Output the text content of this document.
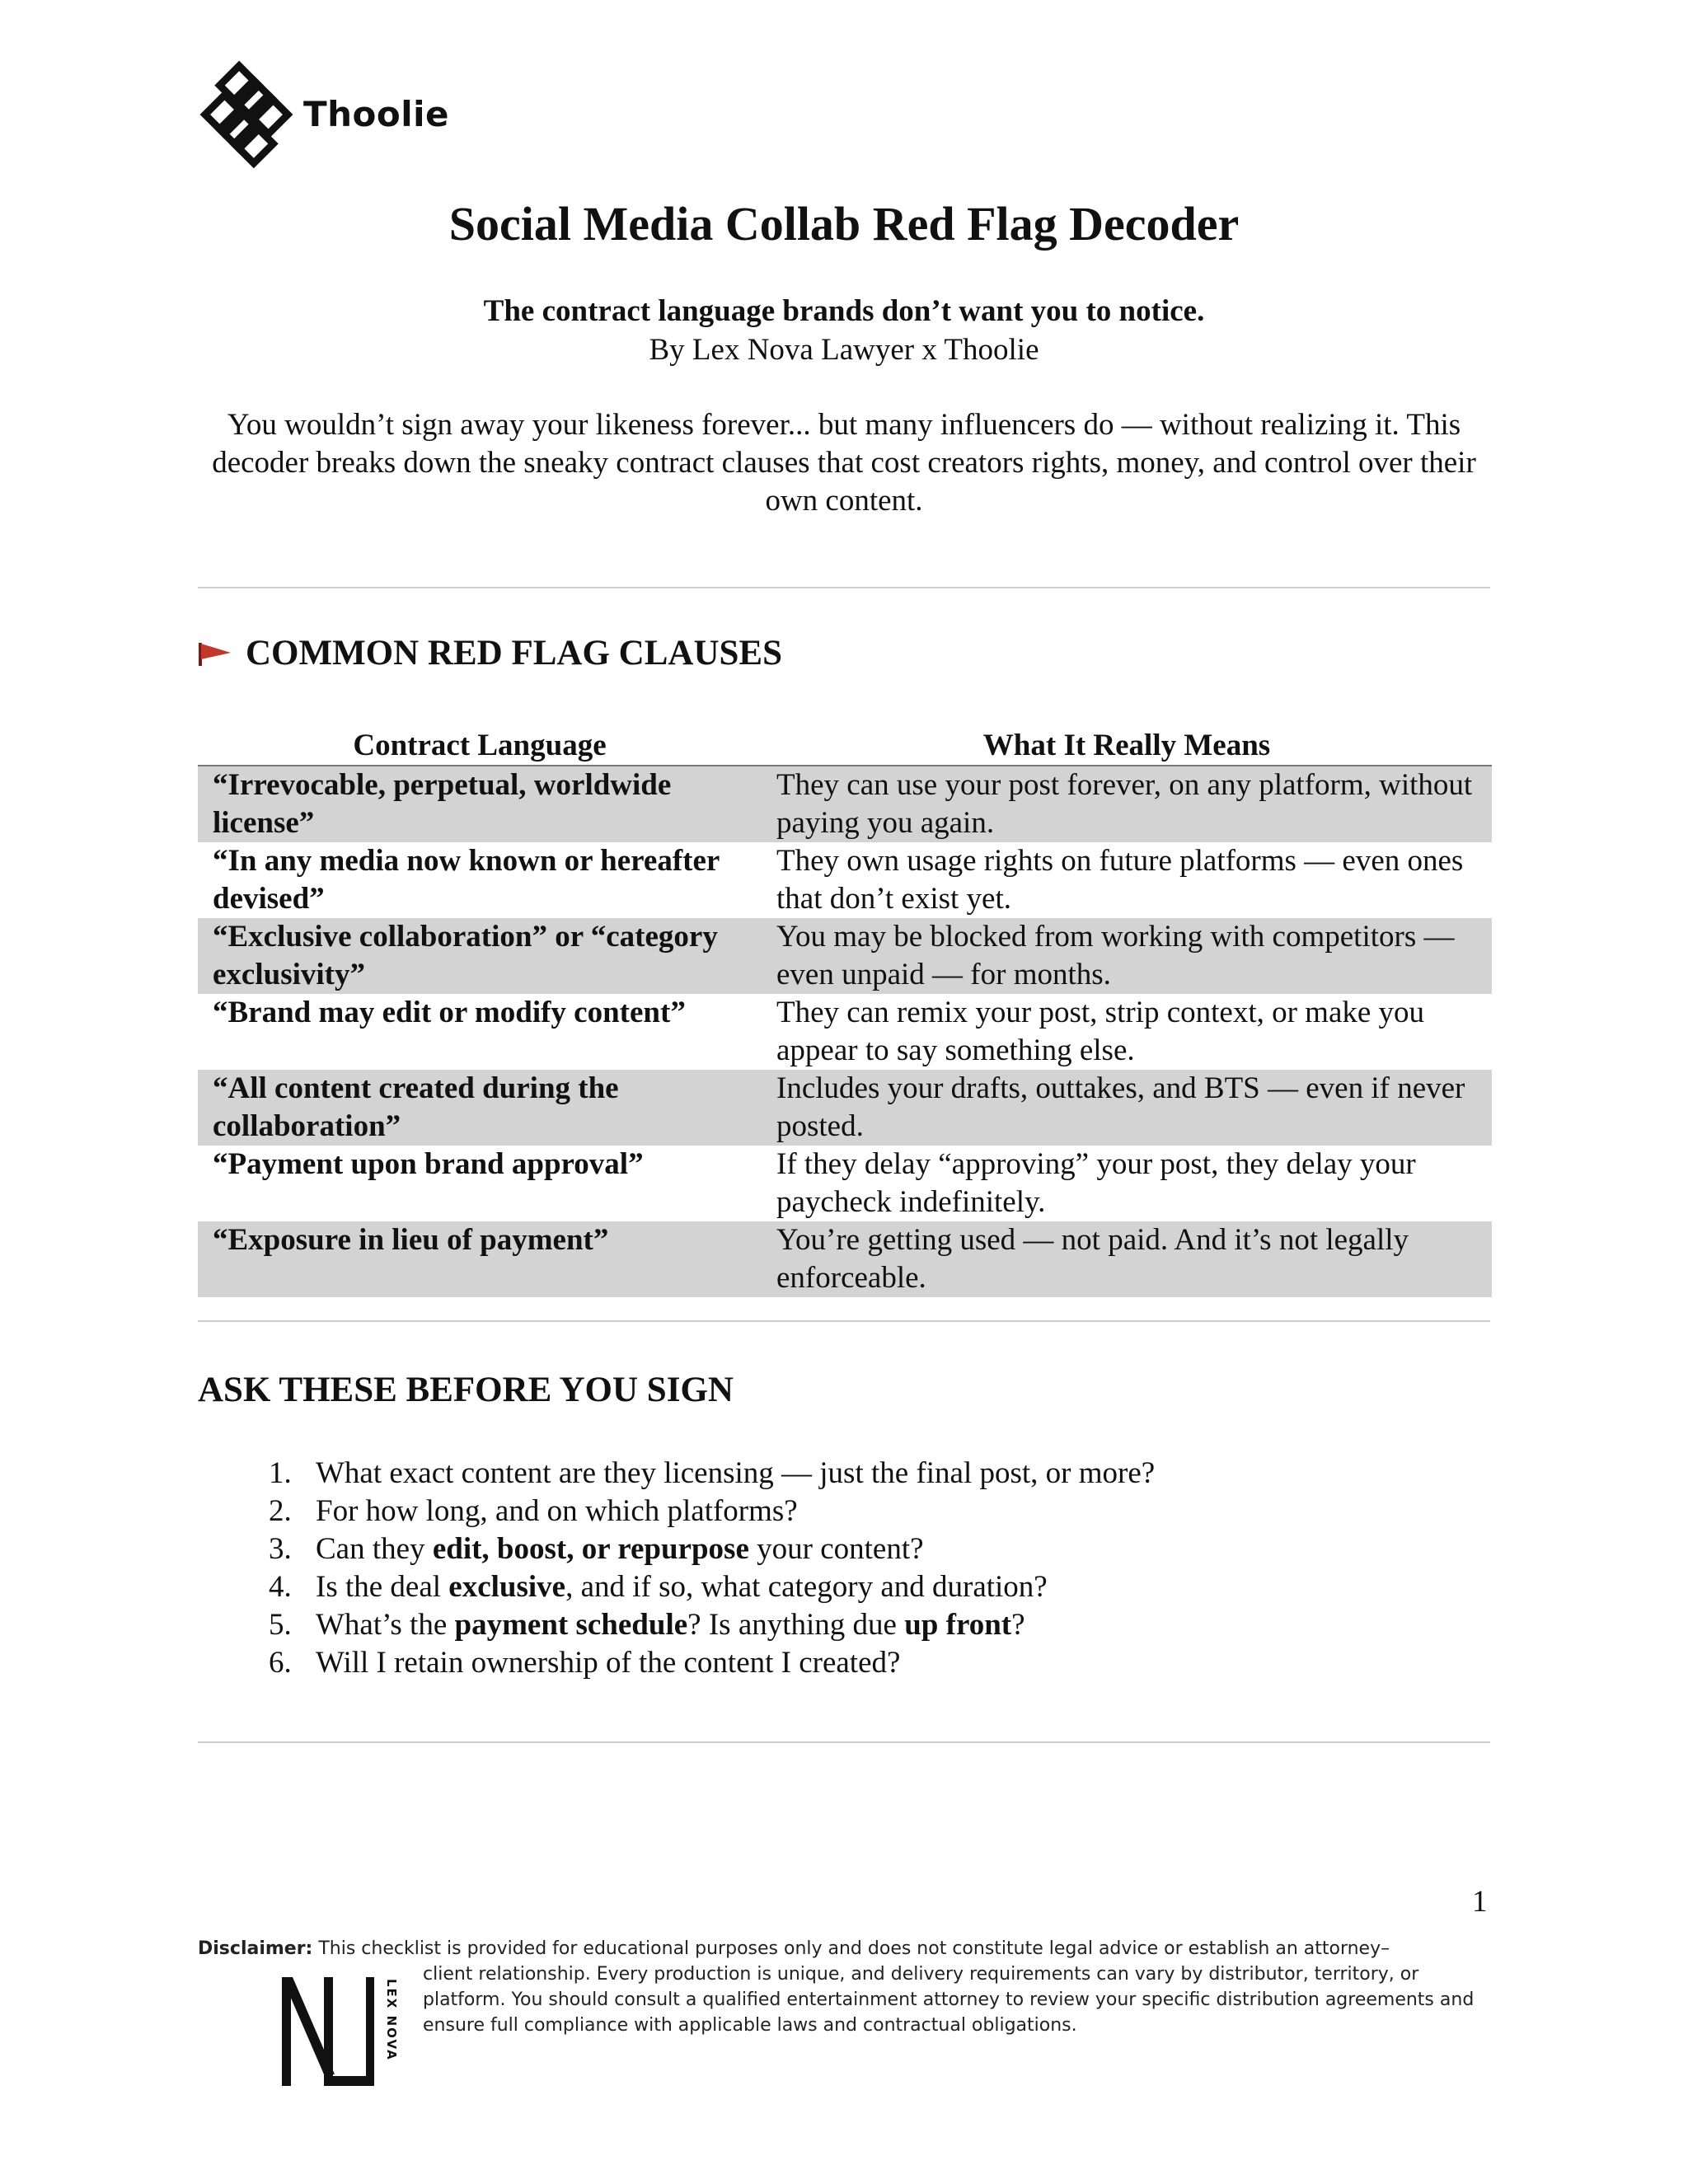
Thoolie
Social Media Collab Red Flag Decoder
The contract language brands don’t want you to notice.
By Lex Nova Lawyer x Thoolie
You wouldn’t sign away your likeness forever... but many influencers do — without realizing it. This decoder breaks down the sneaky contract clauses that cost creators rights, money, and control over their own content.
COMMON RED FLAG CLAUSES
Contract Language	What It Really Means
“Irrevocable, perpetual, worldwide license”	They can use your post forever, on any platform, without paying you again.
“In any media now known or hereafter devised”	They own usage rights on future platforms — even ones that don’t exist yet.
“Exclusive collaboration” or “category exclusivity”	You may be blocked from working with competitors — even unpaid — for months.
“Brand may edit or modify content”	They can remix your post, strip context, or make you appear to say something else.
“All content created during the collaboration”	Includes your drafts, outtakes, and BTS — even if never posted.
“Payment upon brand approval”	If they delay “approving” your post, they delay your paycheck indefinitely.
“Exposure in lieu of payment”	You’re getting used — not paid. And it’s not legally enforceable.
ASK THESE BEFORE YOU SIGN
1. What exact content are they licensing — just the final post, or more?
2. For how long, and on which platforms?
3. Can they edit, boost, or repurpose your content?
4. Is the deal exclusive, and if so, what category and duration?
5. What’s the payment schedule? Is anything due up front?
6. Will I retain ownership of the content I created?
1
Disclaimer: This checklist is provided for educational purposes only and does not constitute legal advice or establish an attorney–
client relationship. Every production is unique, and delivery requirements can vary by distributor, territory, or platform. You should consult a qualified entertainment attorney to review your specific distribution agreements and ensure full compliance with applicable laws and contractual obligations.
LEX NOVA
